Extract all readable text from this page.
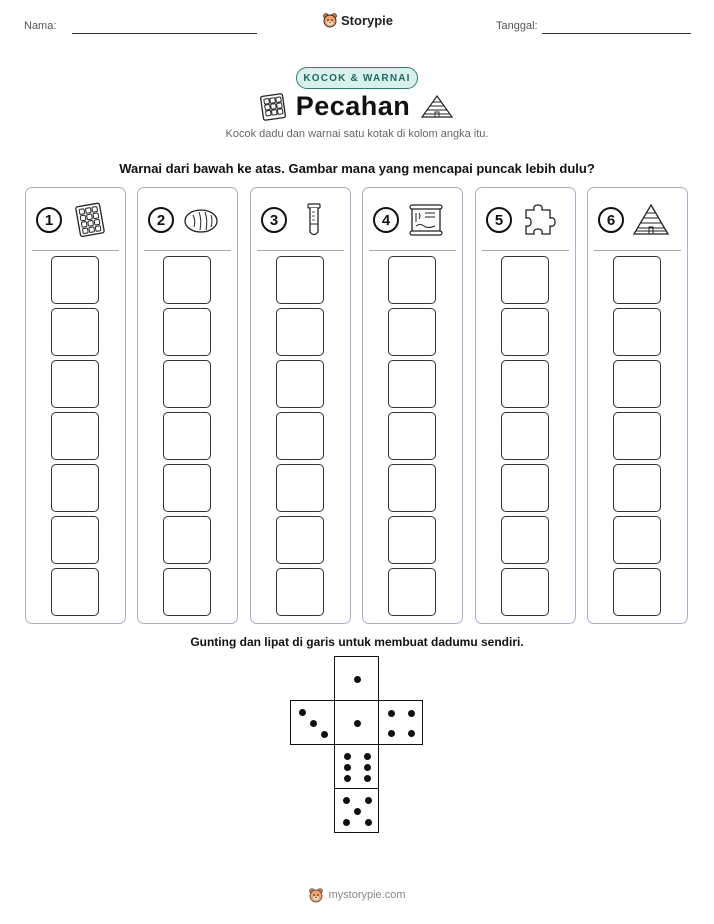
Nama:	Storypie	Tanggal:
KOCOK & WARNAI
Pecahan
Kocok dadu dan warnai satu kotak di kolom angka itu.
Warnai dari bawah ke atas. Gambar mana yang mencapai puncak lebih dulu?
1	2	3	4	5	6
Gunting dan lipat di garis untuk membuat dadumu sendiri.
mystorypie.com
